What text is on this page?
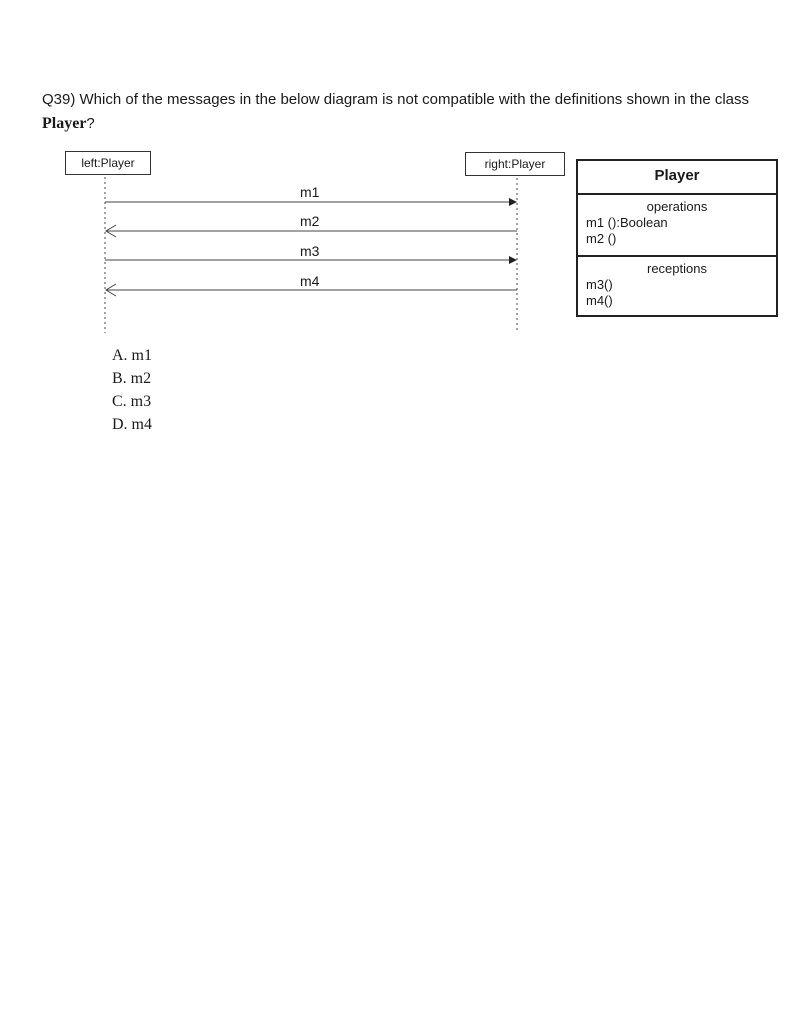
Q39) Which of the messages in the below diagram is not compatible with the definitions shown in the class Player?
left:Player	right:Player
m1
m2
m3
m4
Player
operations
m1 ():Boolean
m2 ()
receptions
m3()
m4()
A. m1
B. m2
C. m3
D. m4
